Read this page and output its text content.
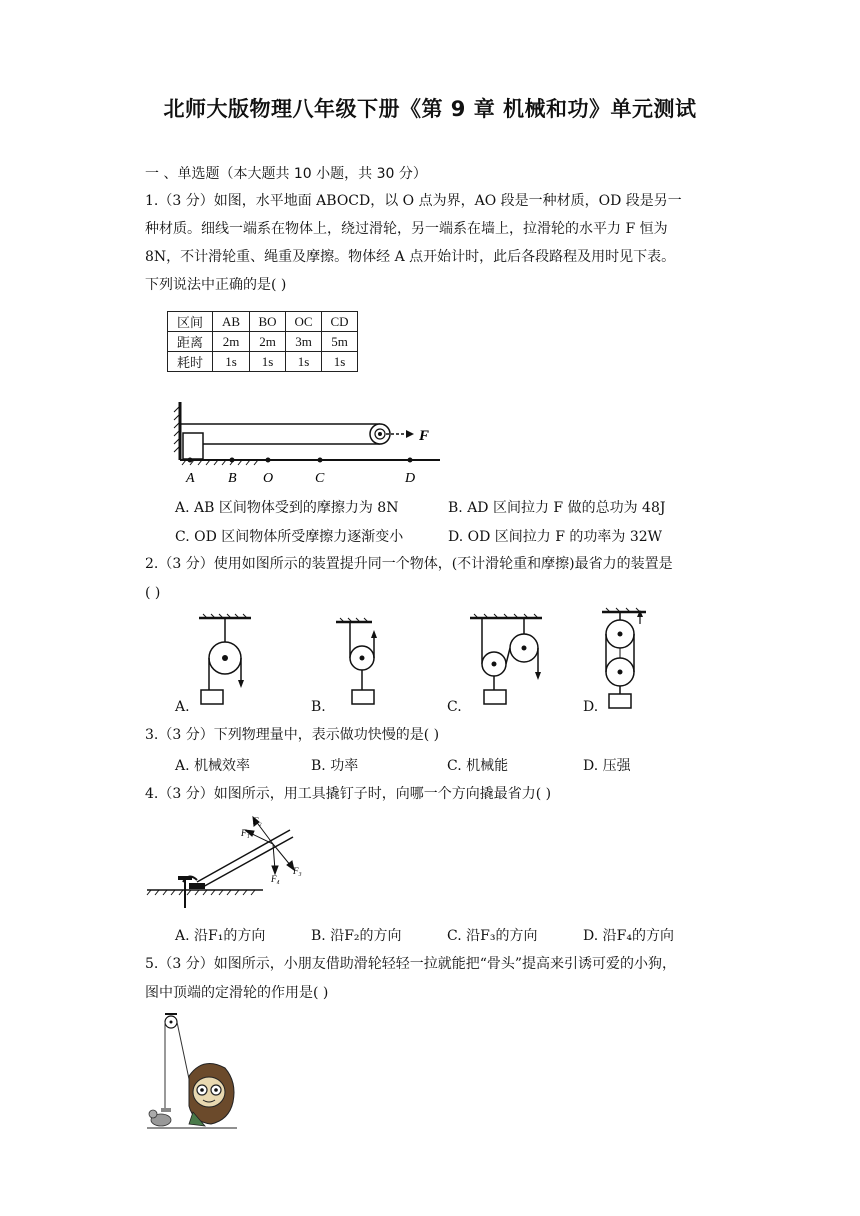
北师大版物理八年级下册《第 9 章 机械和功》单元测试
一 、单选题（本大题共 10 小题，共 30 分）
1.（3 分）如图，水平地面 ABOCD，以 O 点为界，AO 段是一种材质，OD 段是另一
种材质。细线一端系在物体上，绕过滑轮，另一端系在墙上，拉滑轮的水平力 F 恒为
8N，不计滑轮重、绳重及摩擦。物体经 A 点开始计时，此后各段路程及用时见下表。
下列说法中正确的是( )
区间	AB	BO	OC	CD
距离	2m	2m	3m	5m
耗时	1s	1s	1s	1s
A B O	C	D
F
A. AB 区间物体受到的摩擦力为 8N	B. AD 区间拉力 F 做的总功为 48J
C. OD 区间物体所受摩擦力逐渐变小	D. OD 区间拉力 F 的功率为 32W
2.（3 分）使用如图所示的装置提升同一个物体，(不计滑轮重和摩擦)最省力的装置是
( )
A.	B.	C.	D.
3.（3 分）下列物理量中，表示做功快慢的是( )
A. 机械效率	B. 功率	C. 机械能	D. 压强
4.（3 分）如图所示，用工具撬钉子时，向哪一个方向撬最省力( )
F₂
F₁
F₃
F₄
A. 沿F₁的方向	B. 沿F₂的方向	C. 沿F₃的方向	D. 沿F₄的方向
5.（3 分）如图所示，小朋友借助滑轮轻轻一拉就能把“骨头”提高来引诱可爱的小狗，
图中顶端的定滑轮的作用是( )
